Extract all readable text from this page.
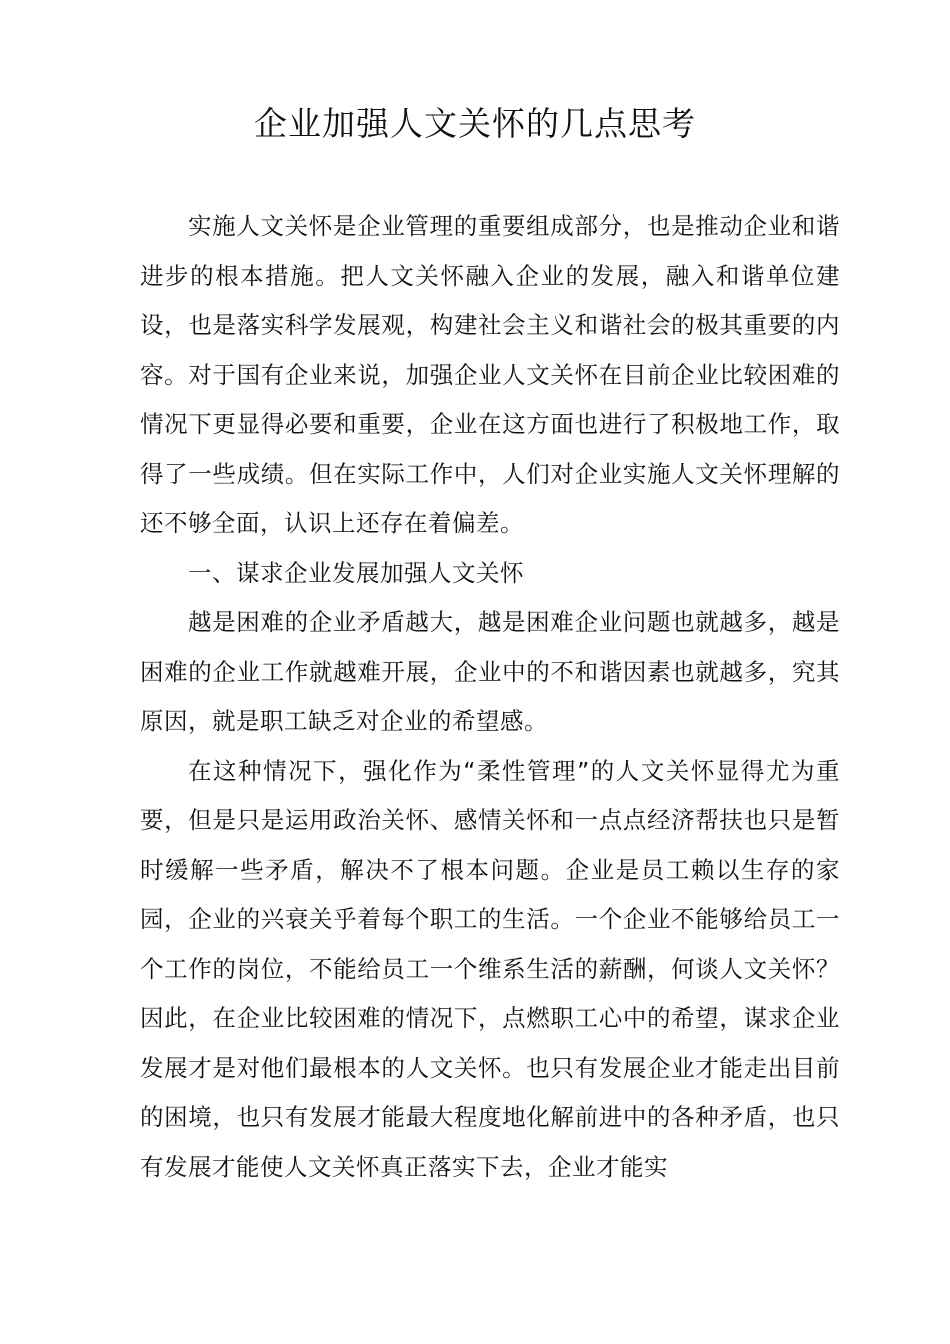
企业加强人文关怀的几点思考

实施人文关怀是企业管理的重要组成部分，也是推动企业和谐进步的根本措施。把人文关怀融入企业的发展，融入和谐单位建设，也是落实科学发展观，构建社会主义和谐社会的极其重要的内容。对于国有企业来说，加强企业人文关怀在目前企业比较困难的情况下更显得必要和重要，企业在这方面也进行了积极地工作，取得了一些成绩。但在实际工作中，人们对企业实施人文关怀理解的还不够全面，认识上还存在着偏差。

一、谋求企业发展加强人文关怀

越是困难的企业矛盾越大，越是困难企业问题也就越多，越是困难的企业工作就越难开展，企业中的不和谐因素也就越多，究其原因，就是职工缺乏对企业的希望感。

在这种情况下，强化作为“柔性管理”的人文关怀显得尤为重要，但是只是运用政治关怀、感情关怀和一点点经济帮扶也只是暂时缓解一些矛盾，解决不了根本问题。企业是员工赖以生存的家园，企业的兴衰关乎着每个职工的生活。一个企业不能够给员工一个工作的岗位，不能给员工一个维系生活的薪酬，何谈人文关怀？因此，在企业比较困难的情况下，点燃职工心中的希望，谋求企业发展才是对他们最根本的人文关怀。也只有发展企业才能走出目前的困境，也只有发展才能最大程度地化解前进中的各种矛盾，也只有发展才能使人文关怀真正落实下去，企业才能实
